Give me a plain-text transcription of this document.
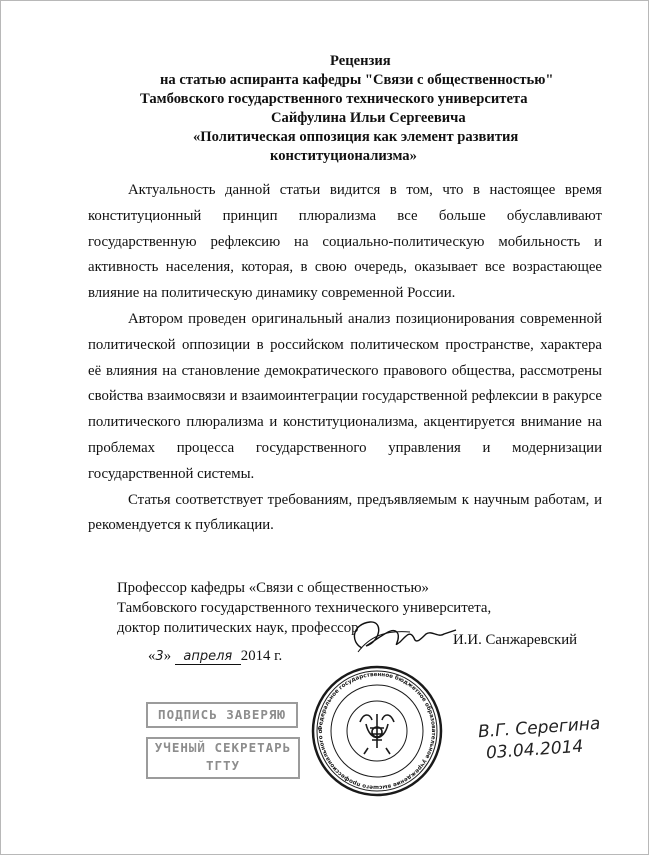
Рецензия
на статью аспиранта кафедры "Связи с общественностью"
Тамбовского государственного технического университета
Сайфулина Ильи Сергеевича
«Политическая оппозиция как элемент развития
конституционализма»

Актуальность данной статьи видится в том, что в настоящее время конституционный принцип плюрализма все больше обуславливают государственную рефлексию на социально-политическую мобильность и активность населения, которая, в свою очередь, оказывает все возрастающее влияние на политическую динамику современной России.

Автором проведен оригинальный анализ позиционирования современной политической оппозиции в российском политическом пространстве, характера её влияния на становление демократического правового общества, рассмотрены свойства взаимосвязи и взаимоинтеграции государственной рефлексии в ракурсе политического плюрализма и конституционализма, акцентируется внимание на проблемах процесса государственного управления и модернизации государственной системы.

Статья соответствует требованиям, предъявляемым к научным работам, и рекомендуется к публикации.

Профессор кафедры «Связи с общественностью»
Тамбовского государственного технического университета,
доктор политических наук, профессор
И.И. Санжаревский
«3» апреля 2014 г.
ПОДПИСЬ ЗАВЕРЯЮ
УЧЕНЫЙ СЕКРЕТАРЬ
ТГТУ
Федеральное государственное бюджетное образовательное учреждение высшего профессионального образования Тамбовский государственный технический университет
В.Г. Серегина
03.04.2014
